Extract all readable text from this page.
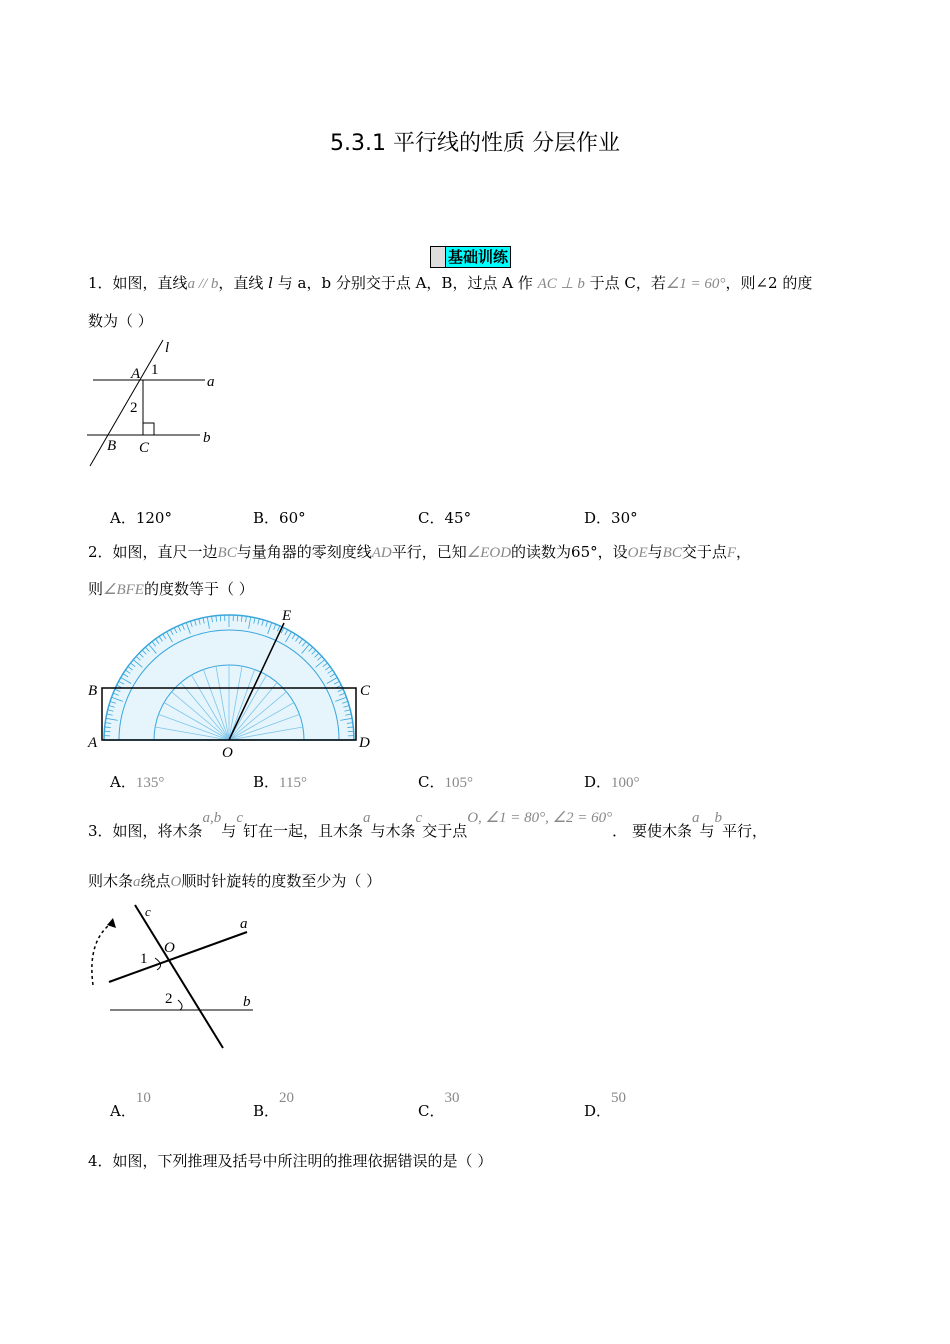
5.3.1 平行线的性质 分层作业
基础训练
1．如图，直线a // b，直线 l 与 a，b 分别交于点 A，B，过点 A 作 AC ⊥ b 于点 C，若∠1 = 60°，则∠2 的度
数为（ ）
l
A 1
a
2
B C
b
A．120°	B．60°	C．45°	D．30°
2．如图，直尺一边BC与量角器的零刻度线AD平行，已知∠EOD的读数为65°，设OE与BC交于点F，
则∠BFE的度数等于（ ）
B	C
A	D
O
E
A．135°	B．115°	C．105°	D．100°
3．如图，将木条a,b与c钉在一起，且木条a与木条c交于点O, ∠1 = 80°, ∠2 = 60°． 要使木条a与b平行，
则木条a绕点O顺时针旋转的度数至少为（ ）
c
a
1
O
2	b
A．10
B．20
C．30
D．50
4．如图，下列推理及括号中所注明的推理依据错误的是（ ）
